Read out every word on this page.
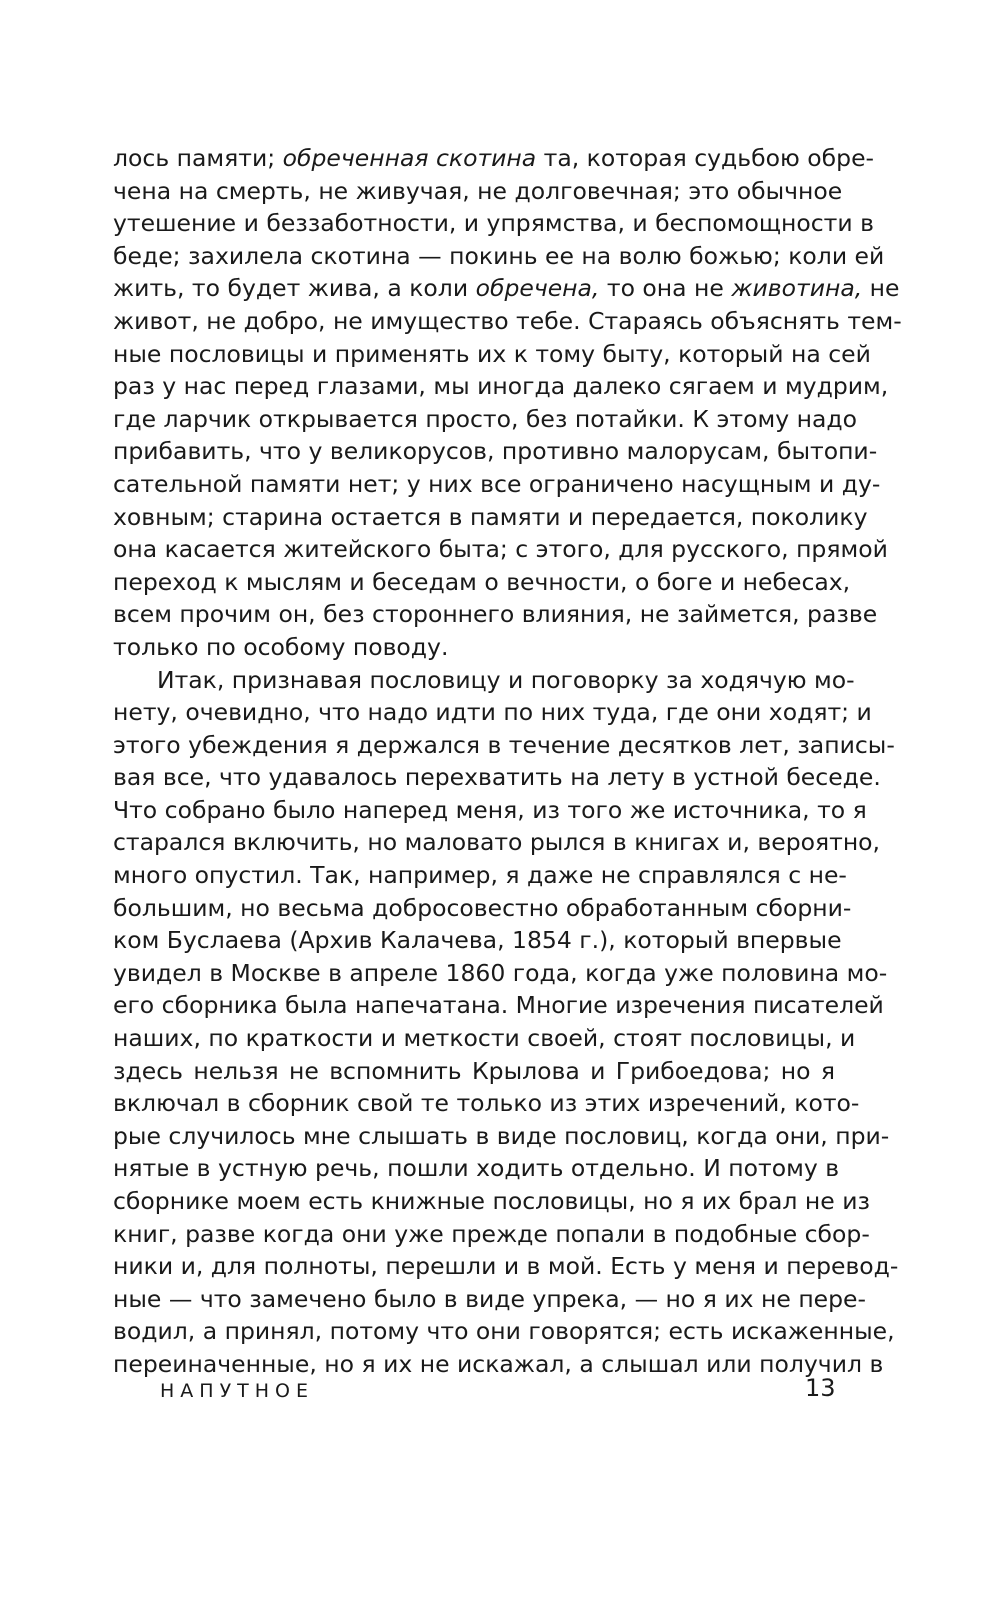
лось памяти; обреченная скотина та, которая судьбою обре-
чена на смерть, не живучая, не долговечная; это обычное
утешение и беззаботности, и упрямства, и беспомощности в
беде; захилела скотина — покинь ее на волю божью; коли ей
жить, то будет жива, а коли обречена, то она не животина, не
живот, не добро, не имущество тебе. Стараясь объяснять тем-
ные пословицы и применять их к тому быту, который на сей
раз у нас перед глазами, мы иногда далеко сягаем и мудрим,
где ларчик открывается просто, без потайки. К этому надо
прибавить, что у великорусов, противно малорусам, бытопи-
сательной памяти нет; у них все ограничено насущным и ду-
ховным; старина остается в памяти и передается, поколику
она касается житейского быта; с этого, для русского, прямой
переход к мыслям и беседам о вечности, о боге и небесах,
всем прочим он, без стороннего влияния, не займется, разве
только по особому поводу.
Итак, признавая пословицу и поговорку за ходячую мо-
нету, очевидно, что надо идти по них туда, где они ходят; и
этого убеждения я держался в течение десятков лет, записы-
вая все, что удавалось перехватить на лету в устной беседе.
Что собрано было наперед меня, из того же источника, то я
старался включить, но маловато рылся в книгах и, вероятно,
много опустил. Так, например, я даже не справлялся с не-
большим, но весьма добросовестно обработанным сборни-
ком Буслаева (Архив Калачева, 1854 г.), который впервые
увидел в Москве в апреле 1860 года, когда уже половина мо-
его сборника была напечатана. Многие изречения писателей
наших, по краткости и меткости своей, стоят пословицы, и
здесь нельзя не вспомнить Крылова и Грибоедова; но я
включал в сборник свой те только из этих изречений, кото-
рые случилось мне слышать в виде пословиц, когда они, при-
нятые в устную речь, пошли ходить отдельно. И потому в
сборнике моем есть книжные пословицы, но я их брал не из
книг, разве когда они уже прежде попали в подобные сбор-
ники и, для полноты, перешли и в мой. Есть у меня и перевод-
ные — что замечено было в виде упрека, — но я их не пере-
водил, а принял, потому что они говорятся; есть искаженные,
переиначенные, но я их не искажал, а слышал или получил в
НАПУТНОЕ	13
